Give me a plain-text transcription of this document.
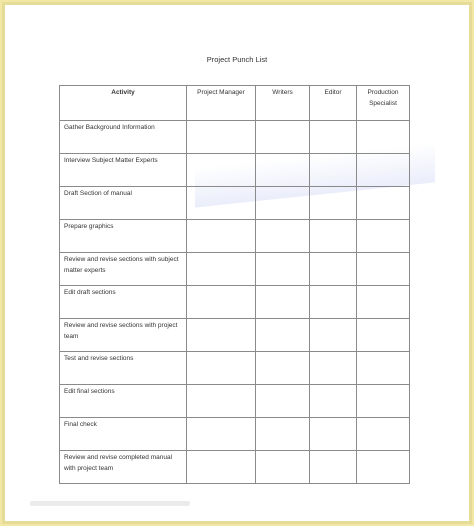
Project Punch List
Activity	Project Manager	Writers	Editor	Production Specialist
Gather Background Information				
Interview Subject Matter Experts				
Draft Section of manual				
Prepare graphics				
Review and revise sections with subject matter experts				
Edit draft sections				
Review and revise sections with project team				
Test and revise sections				
Edit final sections				
Final check				
Review and revise completed manual with project team				
